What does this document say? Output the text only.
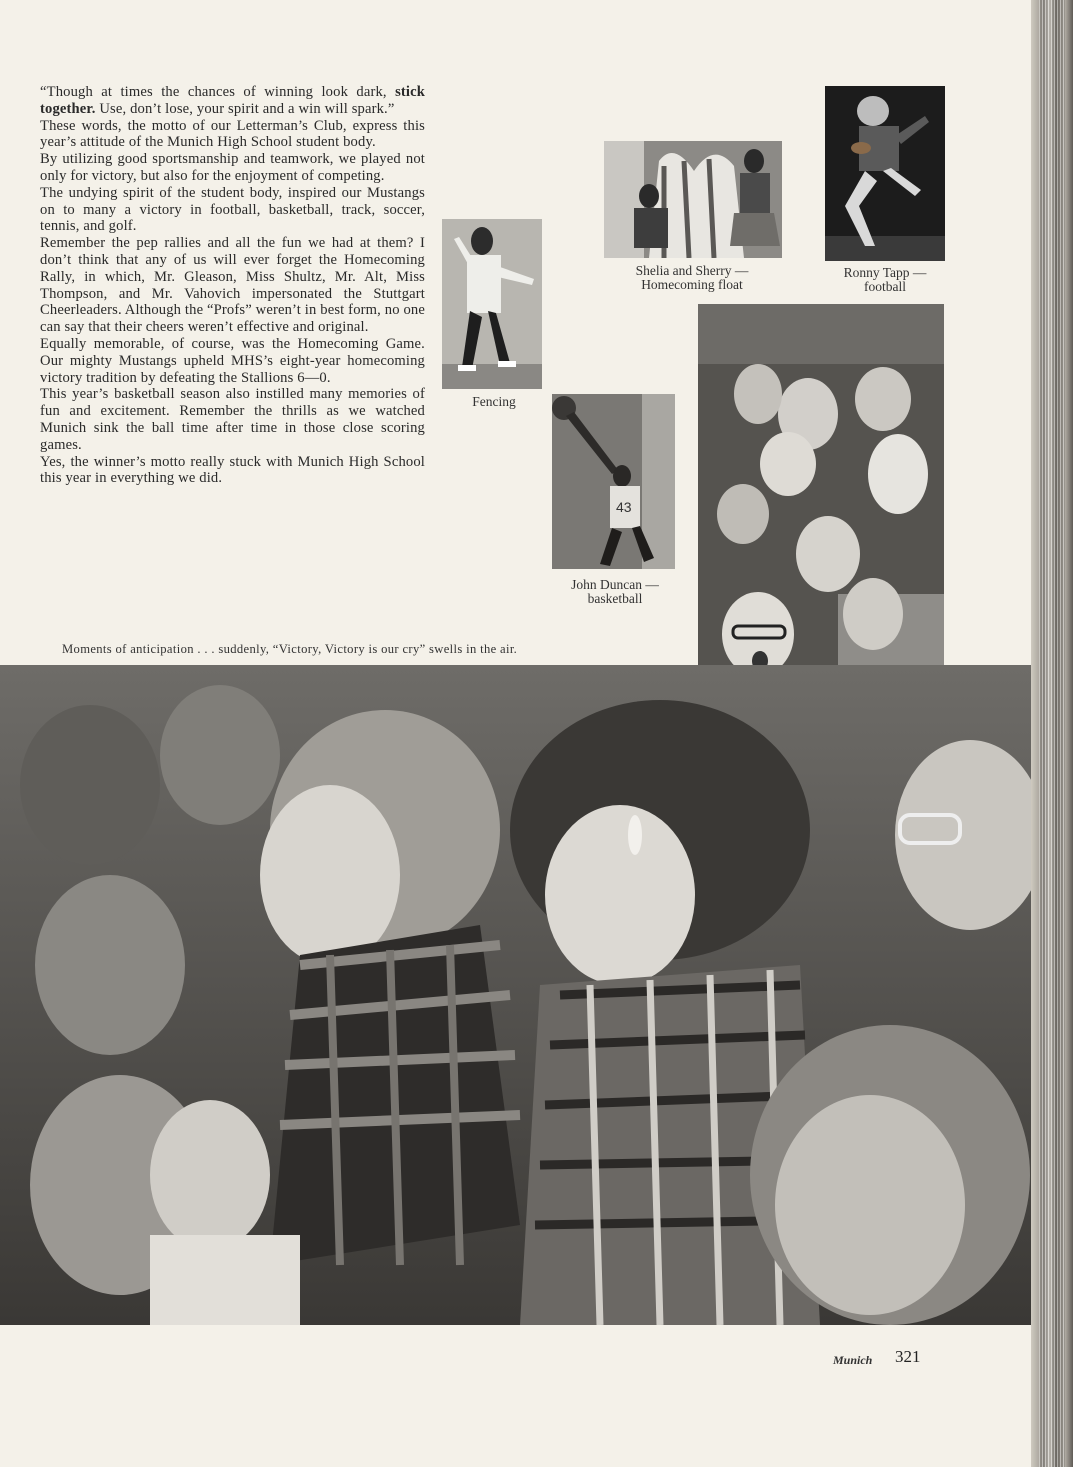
“Though at times the chances of winning look dark, stick together. Use, don’t lose, your spirit and a win will spark.”

These words, the motto of our Letterman’s Club, express this year’s attitude of the Munich High School student body.

By utilizing good sportsmanship and teamwork, we played not only for victory, but also for the enjoyment of competing.

The undying spirit of the student body, inspired our Mustangs on to many a victory in football, basketball, track, soccer, tennis, and golf.

Remember the pep rallies and all the fun we had at them? I don’t think that any of us will ever forget the Homecoming Rally, in which, Mr. Gleason, Miss Shultz, Mr. Alt, Miss Thompson, and Mr. Vahovich impersonated the Stuttgart Cheerleaders. Although the “Profs” weren’t in best form, no one can say that their cheers weren’t effective and original.

Equally memorable, of course, was the Homecoming Game. Our mighty Mustangs upheld MHS’s eight-year homecoming victory tradition by defeating the Stallions 6—0.

This year’s basketball season also instilled many memories of fun and excitement. Remember the thrills as we watched Munich sink the ball time after time in those close scoring games.

Yes, the winner’s motto really stuck with Munich High School this year in everything we did.

Fencing
Shelia and Sherry —
Homecoming float
Ronny Tapp —
football
43
John Duncan —
basketball
Moments of anticipation . . . suddenly, “Victory, Victory is our cry” swells in the air.
Munich 321
